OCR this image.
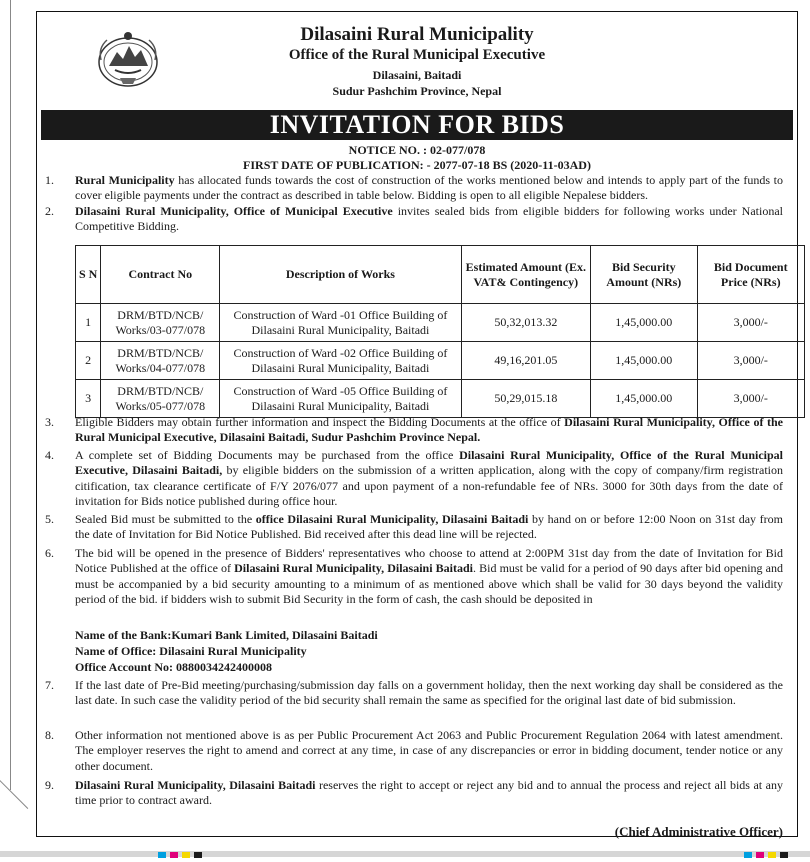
Dilasaini Rural Municipality
Office of the Rural Municipal Executive
Dilasaini, Baitadi
Sudur Pashchim Province, Nepal
INVITATION FOR BIDS
NOTICE NO. : 02-077/078
FIRST DATE OF PUBLICATION: - 2077-07-18 BS (2020-11-03AD)
1.	Rural Municipality has allocated funds towards the cost of construction of the works mentioned below and intends to apply part of the funds to cover eligible payments under the contract as described in table below. Bidding is open to all eligible Nepalese bidders.
2.	Dilasaini Rural Municipality, Office of Municipal Executive invites sealed bids from eligible bidders for following works under National Competitive Bidding.
S N	Contract No	Description of Works	Estimated Amount (Ex. VAT& Contingency)	Bid Security Amount (NRs)	Bid Document Price (NRs)
1	DRM/BTD/NCB/ Works/03-077/078	Construction of Ward -01 Office Building of Dilasaini Rural Municipality, Baitadi	50,32,013.32	1,45,000.00	3,000/-
2	DRM/BTD/NCB/ Works/04-077/078	Construction of Ward -02 Office Building of Dilasaini Rural Municipality, Baitadi	49,16,201.05	1,45,000.00	3,000/-
3	DRM/BTD/NCB/ Works/05-077/078	Construction of Ward -05 Office Building of Dilasaini Rural Municipality, Baitadi	50,29,015.18	1,45,000.00	3,000/-
3.	Eligible Bidders may obtain further information and inspect the Bidding Documents at the office of Dilasaini Rural Municipality, Office of the Rural Municipal Executive, Dilasaini Baitadi, Sudur Pashchim Province Nepal.
4.	A complete set of Bidding Documents may be purchased from the office Dilasaini Rural Municipality, Office of the Rural Municipal Executive, Dilasaini Baitadi, by eligible bidders on the submission of a written application, along with the copy of company/firm registration citification, tax clearance certificate of F/Y 2076/077 and upon payment of a non-refundable fee of NRs. 3000 for 30th days from the date of invitation for Bids notice published during office hour.
5.	Sealed Bid must be submitted to the office Dilasaini Rural Municipality, Dilasaini Baitadi by hand on or before 12:00 Noon on 31st day from the date of Invitation for Bid Notice Published. Bid received after this dead line will be rejected.
6.	The bid will be opened in the presence of Bidders' representatives who choose to attend at 2:00PM 31st day from the date of Invitation for Bid Notice Published at the office of Dilasaini Rural Municipality, Dilasaini Baitadi. Bid must be valid for a period of 90 days after bid opening and must be accompanied by a bid security amounting to a minimum of as mentioned above which shall be valid for 30 days beyond the validity period of the bid. if bidders wish to submit Bid Security in the form of cash, the cash should be deposited in
Name of the Bank:Kumari Bank Limited, Dilasaini Baitadi
Name of Office: Dilasaini Rural Municipality
Office Account No: 0880034242400008
7.	If the last date of Pre-Bid meeting/purchasing/submission day falls on a government holiday, then the next working day shall be considered as the last date. In such case the validity period of the bid security shall remain the same as specified for the original last date of bid submission.
8.	Other information not mentioned above is as per Public Procurement Act 2063 and Public Procurement Regulation 2064 with latest amendment. The employer reserves the right to amend and correct at any time, in case of any discrepancies or error in bidding document, tender notice or any other document.
9.	Dilasaini Rural Municipality, Dilasaini Baitadi reserves the right to accept or reject any bid and to annual the process and reject all bids at any time prior to contract award.
(Chief Administrative Officer)
